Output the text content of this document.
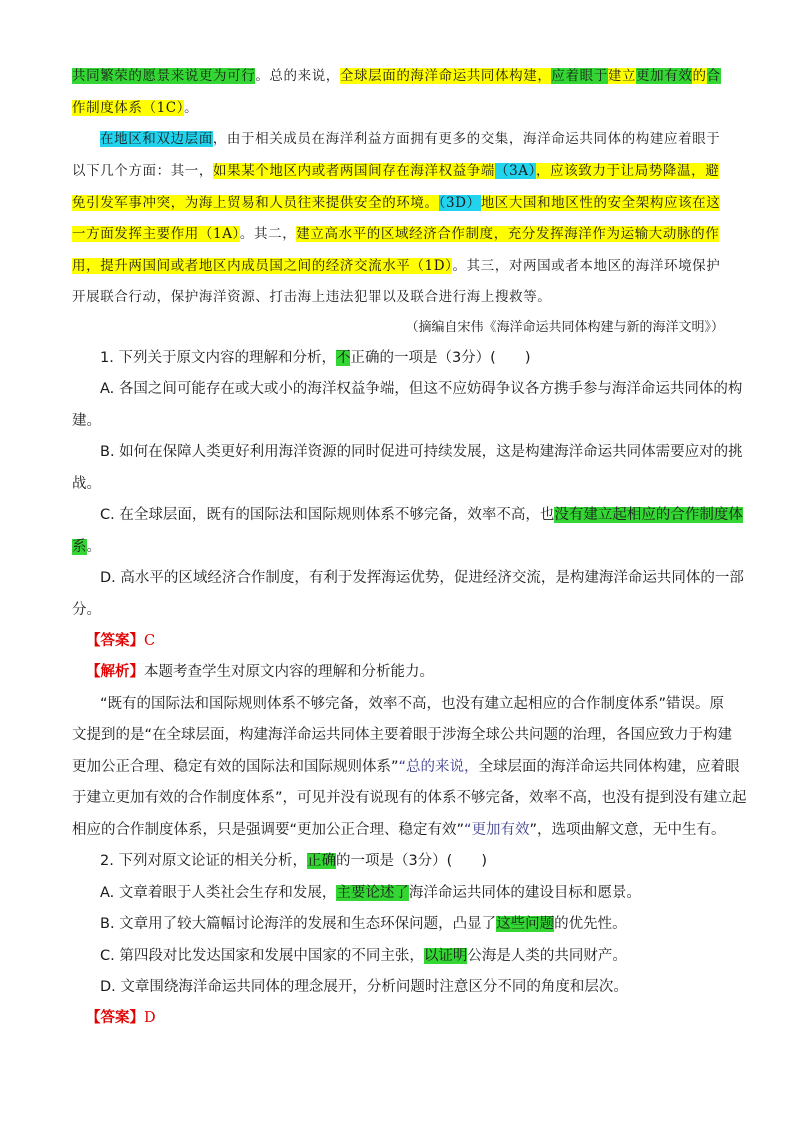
共同繁荣的愿景来说更为可行。总的来说，全球层面的海洋命运共同体构建，应着眼于建立更加有效的合
作制度体系（1C）。
在地区和双边层面，由于相关成员在海洋利益方面拥有更多的交集，海洋命运共同体的构建应着眼于
以下几个方面：其一，如果某个地区内或者两国间存在海洋权益争端（3A），应该致力于让局势降温，避
免引发军事冲突，为海上贸易和人员往来提供安全的环境。（3D）地区大国和地区性的安全架构应该在这
一方面发挥主要作用（1A）。其二，建立高水平的区域经济合作制度，充分发挥海洋作为运输大动脉的作
用，提升两国间或者地区内成员国之间的经济交流水平（1D）。其三，对两国或者本地区的海洋环境保护
开展联合行动，保护海洋资源、打击海上违法犯罪以及联合进行海上搜救等。
（摘编自宋伟《海洋命运共同体构建与新的海洋文明》）
1. 下列关于原文内容的理解和分析，不正确的一项是（3分）(　　)
A. 各国之间可能存在或大或小的海洋权益争端，但这不应妨碍争议各方携手参与海洋命运共同体的构
建。
B. 如何在保障人类更好利用海洋资源的同时促进可持续发展，这是构建海洋命运共同体需要应对的挑
战。
C. 在全球层面，既有的国际法和国际规则体系不够完备，效率不高，也没有建立起相应的合作制度体
系。
D. 高水平的区域经济合作制度，有利于发挥海运优势，促进经济交流，是构建海洋命运共同体的一部
分。
【答案】C
【解析】本题考查学生对原文内容的理解和分析能力。
“既有的国际法和国际规则体系不够完备，效率不高，也没有建立起相应的合作制度体系”错误。原
文提到的是“在全球层面，构建海洋命运共同体主要着眼于涉海全球公共问题的治理，各国应致力于构建
更加公正合理、稳定有效的国际法和国际规则体系”“总的来说，全球层面的海洋命运共同体构建，应着眼
于建立更加有效的合作制度体系”，可见并没有说现有的体系不够完备，效率不高，也没有提到没有建立起
相应的合作制度体系，只是强调要“更加公正合理、稳定有效”“更加有效”，选项曲解文意，无中生有。
2. 下列对原文论证的相关分析，正确的一项是（3分）(　　)
A. 文章着眼于人类社会生存和发展，主要论述了海洋命运共同体的建设目标和愿景。
B. 文章用了较大篇幅讨论海洋的发展和生态环保问题，凸显了这些问题的优先性。
C. 第四段对比发达国家和发展中国家的不同主张，以证明公海是人类的共同财产。
D. 文章围绕海洋命运共同体的理念展开，分析问题时注意区分不同的角度和层次。
【答案】D
